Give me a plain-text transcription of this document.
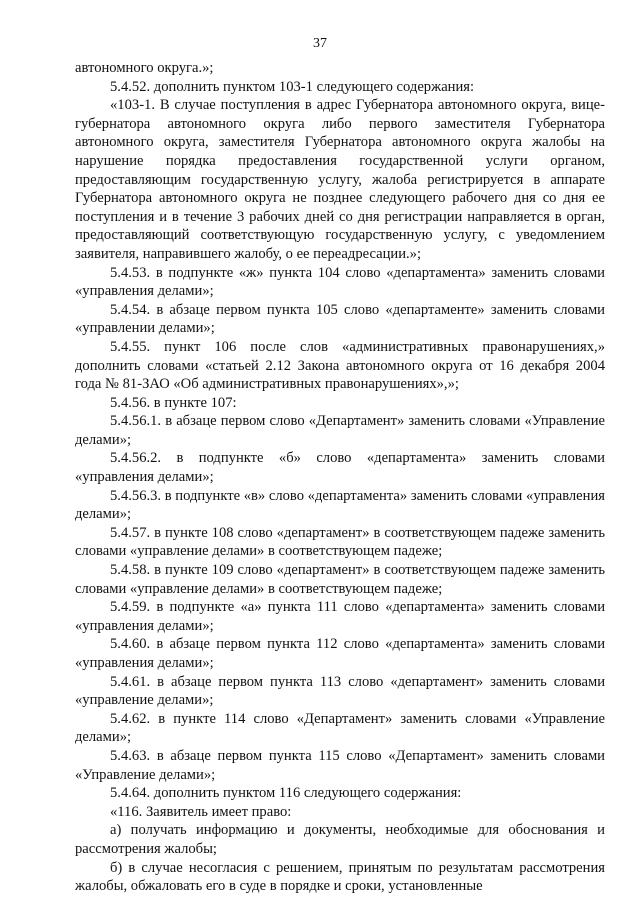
37

автономного округа.»;

5.4.52. дополнить пунктом 103-1 следующего содержания:

«103-1. В случае поступления в адрес Губернатора автономного округа, вице-губернатора автономного округа либо первого заместителя Губернатора автономного округа, заместителя Губернатора автономного округа жалобы на нарушение порядка предоставления государственной услуги органом, предоставляющим государственную услугу, жалоба регистрируется в аппарате Губернатора автономного округа не позднее следующего рабочего дня со дня ее поступления и в течение 3 рабочих дней со дня регистрации направляется в орган, предоставляющий соответствующую государственную услугу, с уведомлением заявителя, направившего жалобу, о ее переадресации.»;

5.4.53. в подпункте «ж» пункта 104 слово «департамента» заменить словами «управления делами»;

5.4.54. в абзаце первом пункта 105 слово «департаменте» заменить словами «управлении делами»;

5.4.55. пункт 106 после слов «административных правонарушениях,» дополнить словами «статьей 2.12 Закона автономного округа от 16 декабря 2004 года № 81-ЗАО «Об административных правонарушениях»,»;

5.4.56. в пункте 107:

5.4.56.1. в абзаце первом слово «Департамент» заменить словами «Управление делами»;

5.4.56.2. в подпункте «б» слово «департамента» заменить словами «управления делами»;

5.4.56.3. в подпункте «в» слово «департамента» заменить словами «управления делами»;

5.4.57. в пункте 108 слово «департамент» в соответствующем падеже заменить словами «управление делами» в соответствующем падеже;

5.4.58. в пункте 109 слово «департамент» в соответствующем падеже заменить словами «управление делами» в соответствующем падеже;

5.4.59. в подпункте «а» пункта 111 слово «департамента» заменить словами «управления делами»;

5.4.60. в абзаце первом пункта 112 слово «департамента» заменить словами «управления делами»;

5.4.61. в абзаце первом пункта 113 слово «департамент» заменить словами «управление делами»;

5.4.62. в пункте 114 слово «Департамент» заменить словами «Управление делами»;

5.4.63. в абзаце первом пункта 115 слово «Департамент» заменить словами «Управление делами»;

5.4.64. дополнить пунктом 116 следующего содержания:

«116. Заявитель имеет право:

а) получать информацию и документы, необходимые для обоснования и рассмотрения жалобы;

б) в случае несогласия с решением, принятым по результатам рассмотрения жалобы, обжаловать его в суде в порядке и сроки, установленные
